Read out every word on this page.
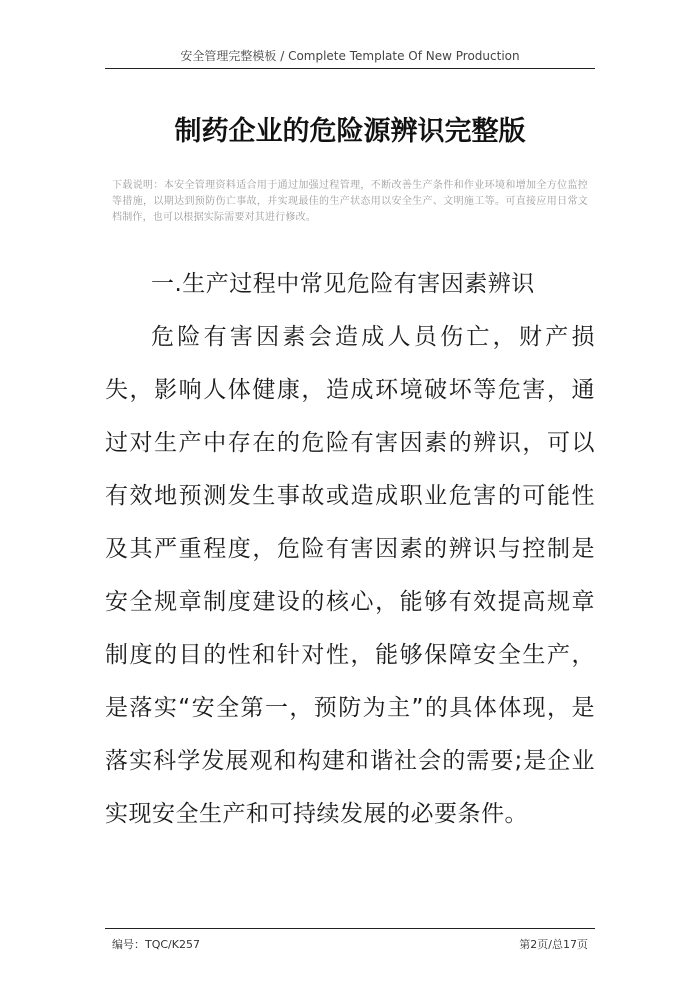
安全管理完整模板 / Complete Template Of New Production
制药企业的危险源辨识完整版
下载说明：本安全管理资料适合用于通过加强过程管理，不断改善生产条件和作业环境和增加全方位监控等措施，以期达到预防伤亡事故，并实现最佳的生产状态用以安全生产、文明施工等。可直接应用日常文档制作，也可以根据实际需要对其进行修改。

一.生产过程中常见危险有害因素辨识

危险有害因素会造成人员伤亡，财产损失，影响人体健康，造成环境破坏等危害，通过对生产中存在的危险有害因素的辨识，可以有效地预测发生事故或造成职业危害的可能性及其严重程度，危险有害因素的辨识与控制是安全规章制度建设的核心，能够有效提高规章制度的目的性和针对性，能够保障安全生产，是落实“安全第一，预防为主”的具体体现，是落实科学发展观和构建和谐社会的需要;是企业实现安全生产和可持续发展的必要条件。

编号：TQC/K257	第2页/总17页
